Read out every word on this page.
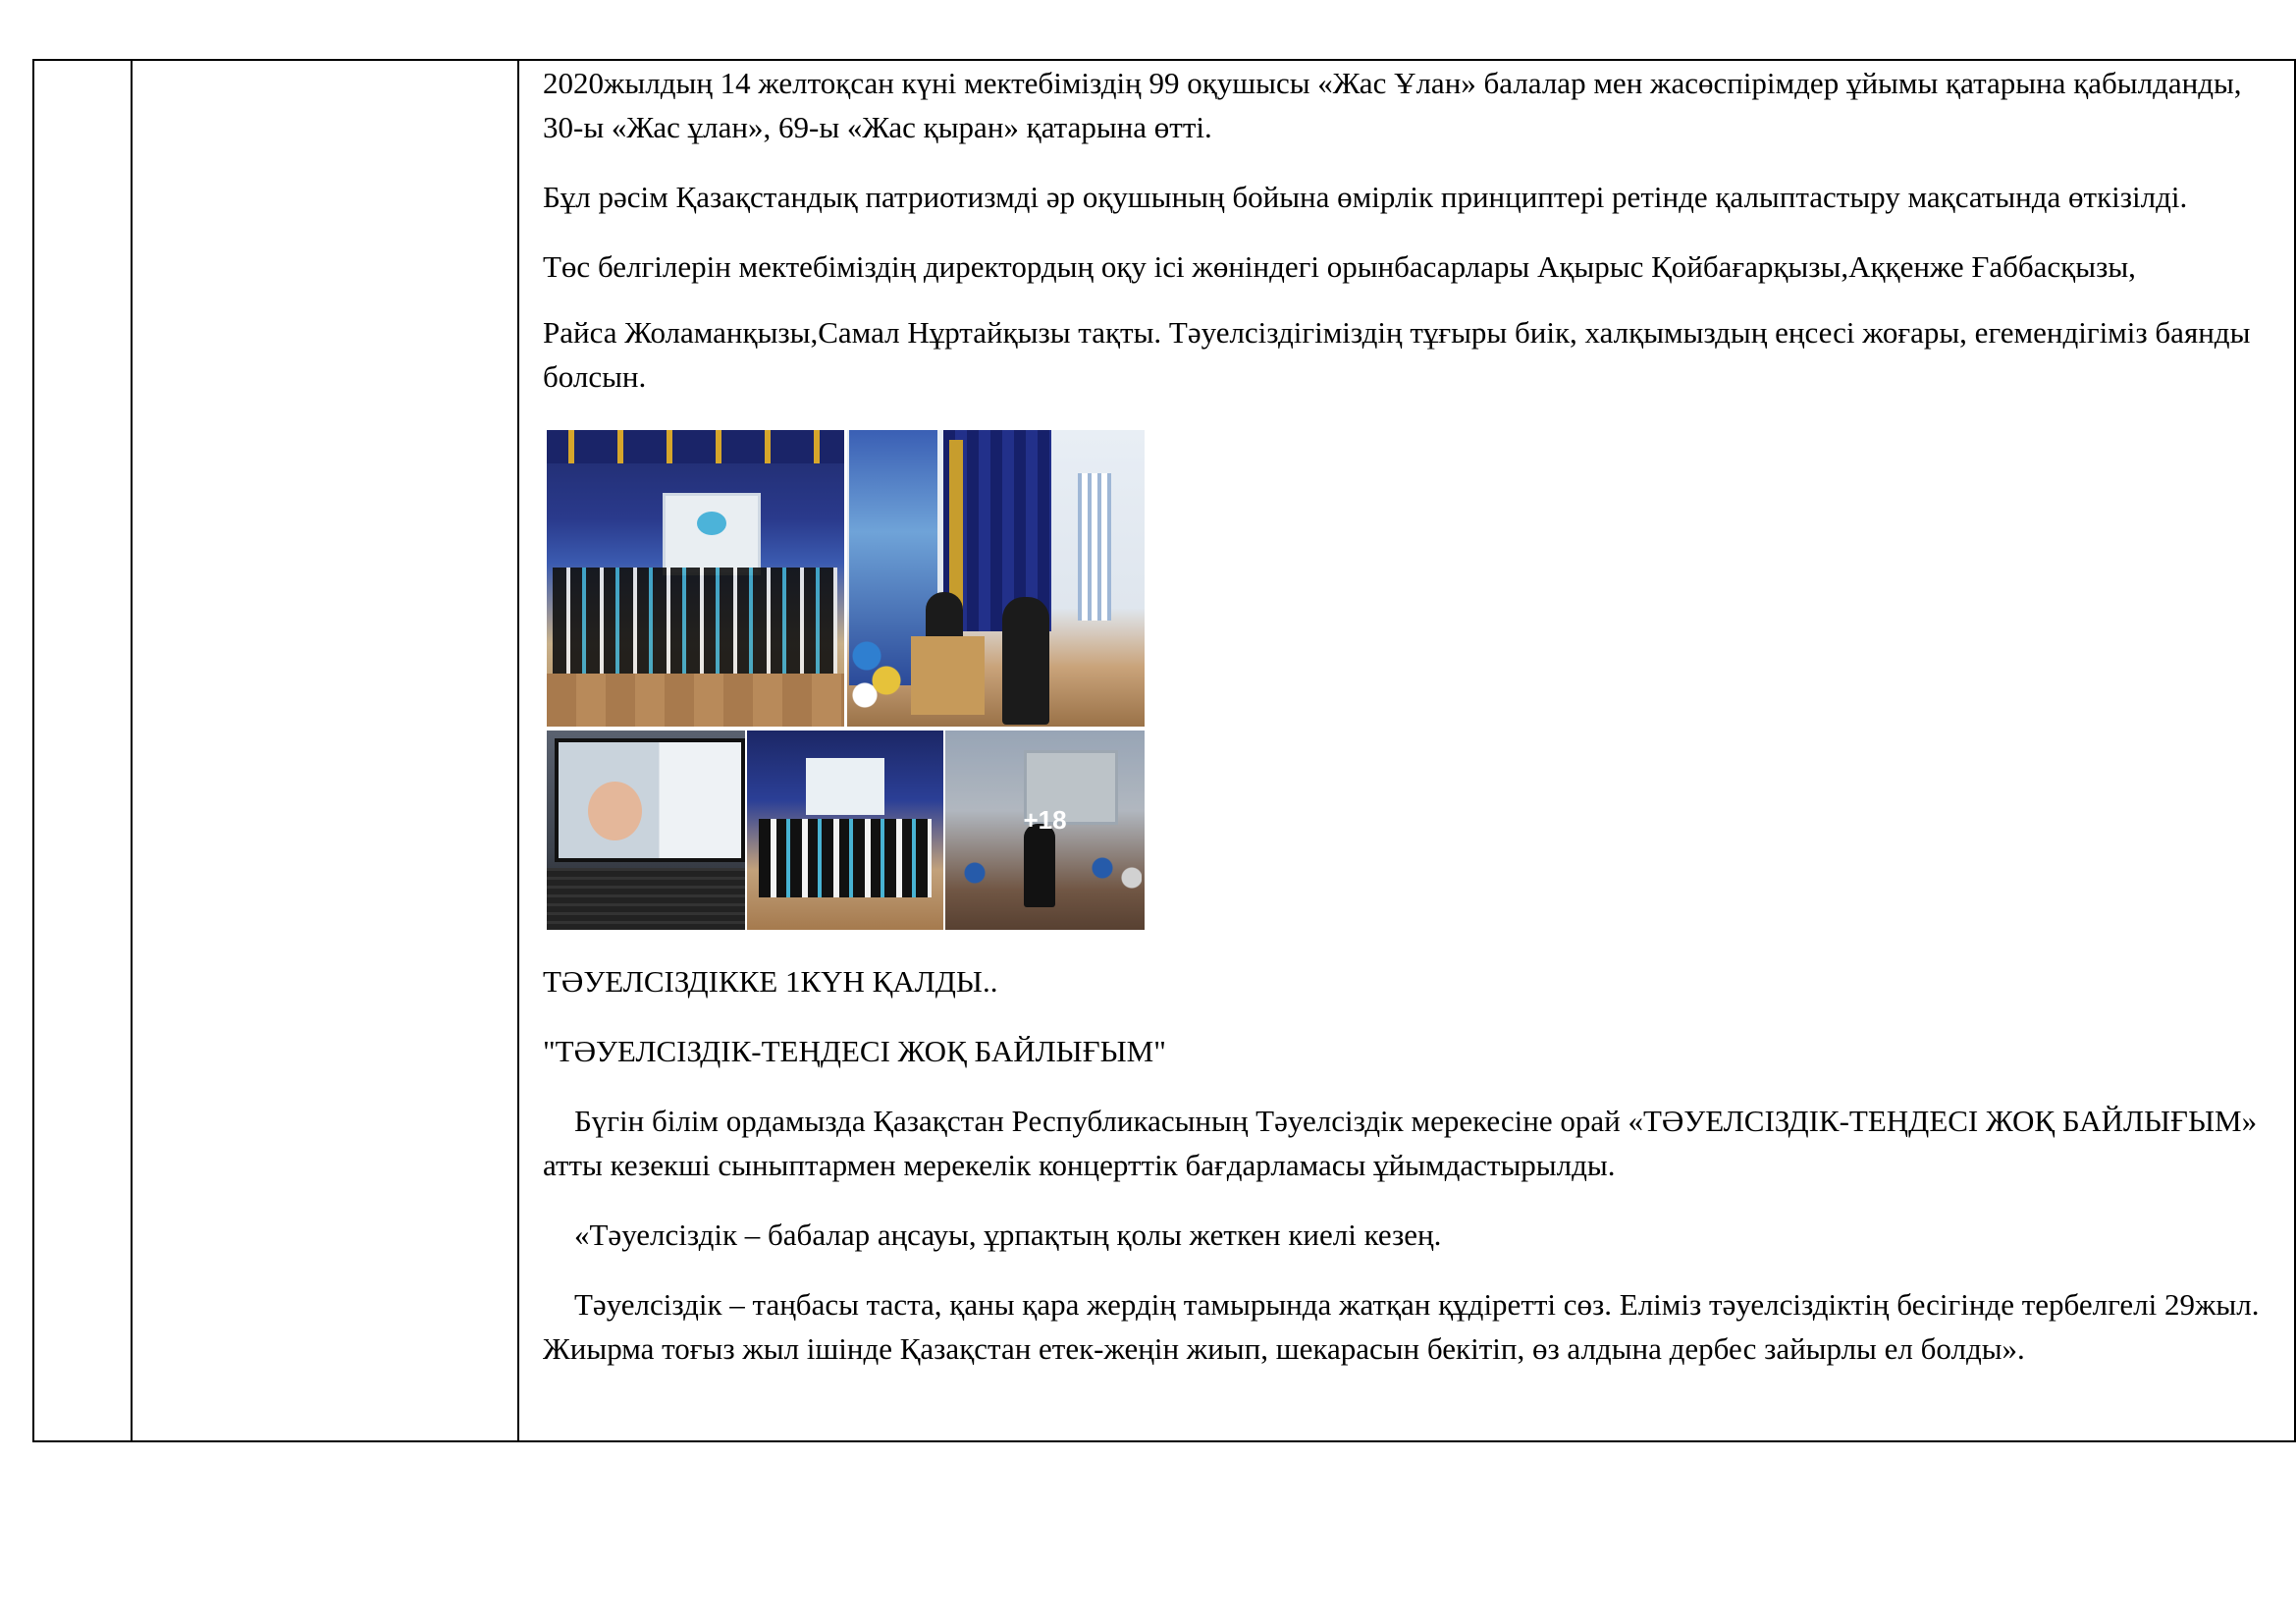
2020жылдың 14 желтоқсан күні мектебіміздің 99 оқушысы «Жас Ұлан» балалар мен жасөспірімдер ұйымы қатарына қабылданды, 30-ы «Жас ұлан», 69-ы «Жас қыран» қатарына өтті.

Бұл рәсім Қазақстандық патриотизмді әр оқушының бойына өмірлік принциптері ретінде қалыптастыру мақсатында өткізілді.

Төс белгілерін мектебіміздің директордың оқу ісі жөніндегі орынбасарлары Ақырыс Қойбағарқызы,Аққенже Ғаббасқызы,

Райса Жоламанқызы,Самал Нұртайқызы тақты. Тәуелсіздігіміздің тұғыры биік, халқымыздың еңсесі жоғары, егемендігіміз баянды болсын.

+18

ТӘУЕЛСІЗДІККЕ 1КҮН ҚАЛДЫ..

"ТӘУЕЛСІЗДІК-ТЕҢДЕСІ ЖОҚ БАЙЛЫҒЫМ"

Бүгін білім ордамызда Қазақстан Республикасының Тәуелсіздік мерекесіне орай «ТӘУЕЛСІЗДІК-ТЕҢДЕСІ ЖОҚ БАЙЛЫҒЫМ» атты кезекші сыныптармен мерекелік концерттік бағдарламасы ұйымдастырылды.

«Тәуелсіздік – бабалар аңсауы, ұрпақтың қолы жеткен киелі кезең.

Тәуелсіздік – таңбасы таста, қаны қара жердің тамырында жатқан құдіретті сөз. Еліміз тәуелсіздіктің бесігінде тербелгелі 29жыл. Жиырма тоғыз жыл ішінде Қазақстан етек-жеңін жиып, шекарасын бекітіп, өз алдына дербес зайырлы ел болды».
